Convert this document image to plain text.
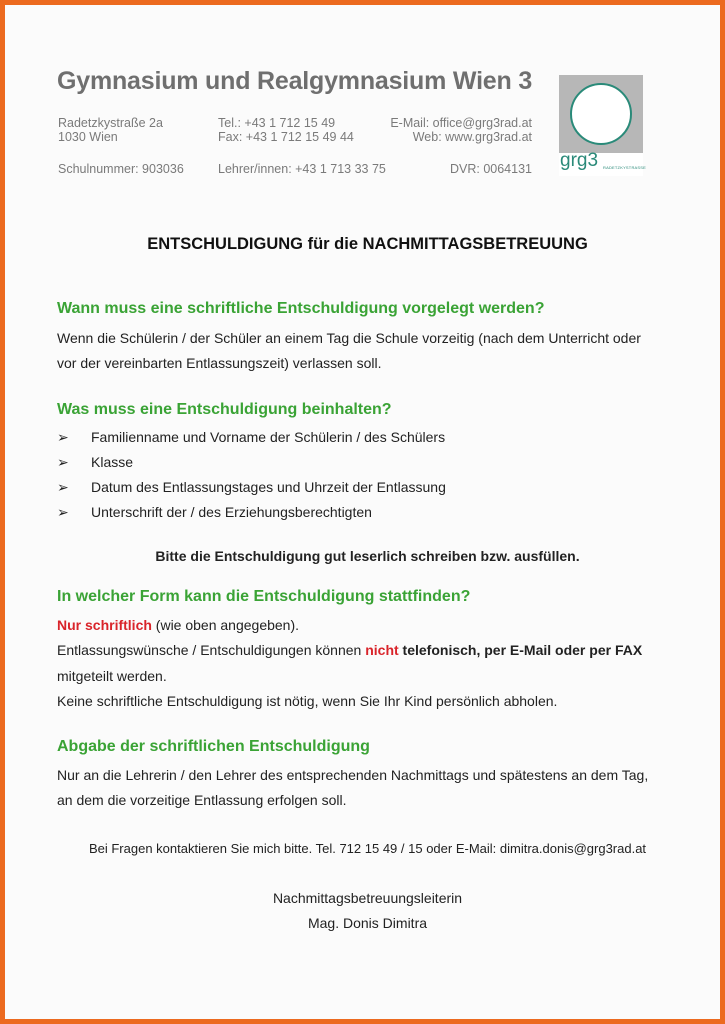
Gymnasium und Realgymnasium Wien 3
Radetzkystraße 2a
1030 Wien
Tel.: +43 1 712 15 49
Fax: +43 1 712 15 49 44
E-Mail: office@grg3rad.at
Web: www.grg3rad.at
Schulnummer: 903036	Lehrer/innen: +43 1 713 33 75	DVR: 0064131 grg3 RADETZKYSTRASSE
ENTSCHULDIGUNG für die NACHMITTAGSBETREUUNG
Wann muss eine schriftliche Entschuldigung vorgelegt werden?
Wenn die Schülerin / der Schüler an einem Tag die Schule vorzeitig (nach dem Unterricht oder
vor der vereinbarten Entlassungszeit) verlassen soll.
Was muss eine Entschuldigung beinhalten?
➢ Familienname und Vorname der Schülerin / des Schülers
➢ Klasse
➢ Datum des Entlassungstages und Uhrzeit der Entlassung
➢ Unterschrift der / des Erziehungsberechtigten
Bitte die Entschuldigung gut leserlich schreiben bzw. ausfüllen.
In welcher Form kann die Entschuldigung stattfinden?
Nur schriftlich (wie oben angegeben).
Entlassungswünsche / Entschuldigungen können nicht telefonisch, per E-Mail oder per FAX
mitgeteilt werden.
Keine schriftliche Entschuldigung ist nötig, wenn Sie Ihr Kind persönlich abholen.
Abgabe der schriftlichen Entschuldigung
Nur an die Lehrerin / den Lehrer des entsprechenden Nachmittags und spätestens an dem Tag,
an dem die vorzeitige Entlassung erfolgen soll.
Bei Fragen kontaktieren Sie mich bitte. Tel. 712 15 49 / 15 oder E-Mail: dimitra.donis@grg3rad.at
Nachmittagsbetreuungsleiterin
Mag. Donis Dimitra
